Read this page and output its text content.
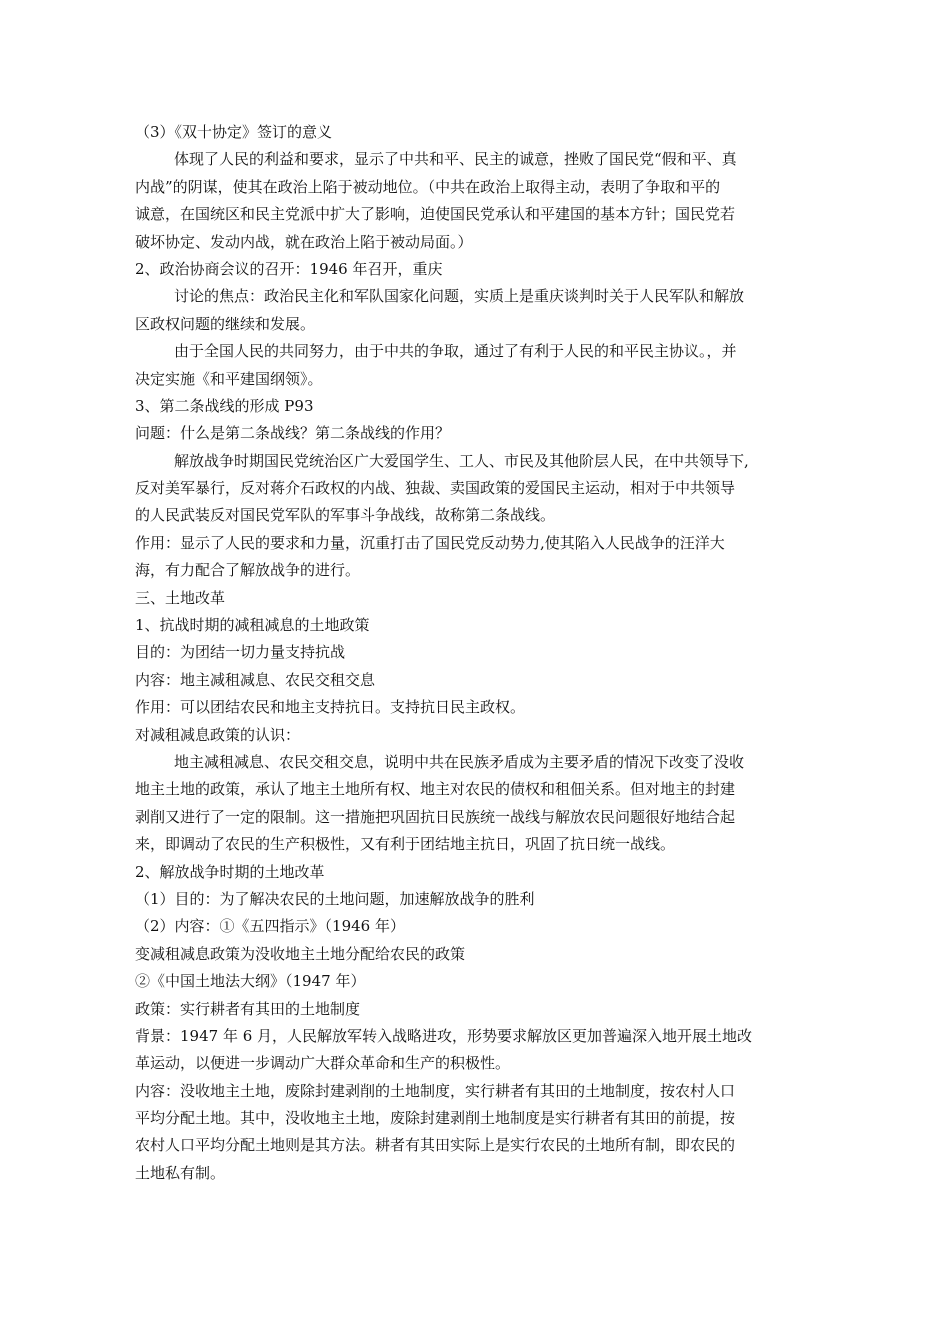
（3）《双十协定》签订的意义
体现了人民的利益和要求，显示了中共和平、民主的诚意，挫败了国民党“假和平、真
内战”的阴谋，使其在政治上陷于被动地位。（中共在政治上取得主动，表明了争取和平的
诚意，在国统区和民主党派中扩大了影响，迫使国民党承认和平建国的基本方针；国民党若
破坏协定、发动内战，就在政治上陷于被动局面。）
2、政治协商会议的召开：1946 年召开，重庆
讨论的焦点：政治民主化和军队国家化问题，实质上是重庆谈判时关于人民军队和解放
区政权问题的继续和发展。
由于全国人民的共同努力，由于中共的争取，通过了有利于人民的和平民主协议。，并
决定实施《和平建国纲领》。
3、第二条战线的形成 P93
问题：什么是第二条战线？第二条战线的作用？
解放战争时期国民党统治区广大爱国学生、工人、市民及其他阶层人民，在中共领导下,
反对美军暴行，反对蒋介石政权的内战、独裁、卖国政策的爱国民主运动，相对于中共领导
的人民武装反对国民党军队的军事斗争战线，故称第二条战线。
作用：显示了人民的要求和力量，沉重打击了国民党反动势力,使其陷入人民战争的汪洋大
海，有力配合了解放战争的进行。
三、土地改革
1、抗战时期的减租减息的土地政策
目的：为团结一切力量支持抗战
内容：地主减租减息、农民交租交息
作用：可以团结农民和地主支持抗日。支持抗日民主政权。
对减租减息政策的认识：
地主减租减息、农民交租交息，说明中共在民族矛盾成为主要矛盾的情况下改变了没收
地主土地的政策，承认了地主土地所有权、地主对农民的债权和租佃关系。但对地主的封建
剥削又进行了一定的限制。这一措施把巩固抗日民族统一战线与解放农民问题很好地结合起
来，即调动了农民的生产积极性，又有利于团结地主抗日，巩固了抗日统一战线。
2、解放战争时期的土地改革
（1）目的：为了解决农民的土地问题，加速解放战争的胜利
（2）内容：①《五四指示》（1946 年）
变减租减息政策为没收地主土地分配给农民的政策
②《中国土地法大纲》（1947 年）
政策：实行耕者有其田的土地制度
背景：1947 年 6 月，人民解放军转入战略进攻，形势要求解放区更加普遍深入地开展土地改
革运动，以便进一步调动广大群众革命和生产的积极性。
内容：没收地主土地，废除封建剥削的土地制度，实行耕者有其田的土地制度，按农村人口
平均分配土地。其中，没收地主土地，废除封建剥削土地制度是实行耕者有其田的前提，按
农村人口平均分配土地则是其方法。耕者有其田实际上是实行农民的土地所有制，即农民的
土地私有制。
